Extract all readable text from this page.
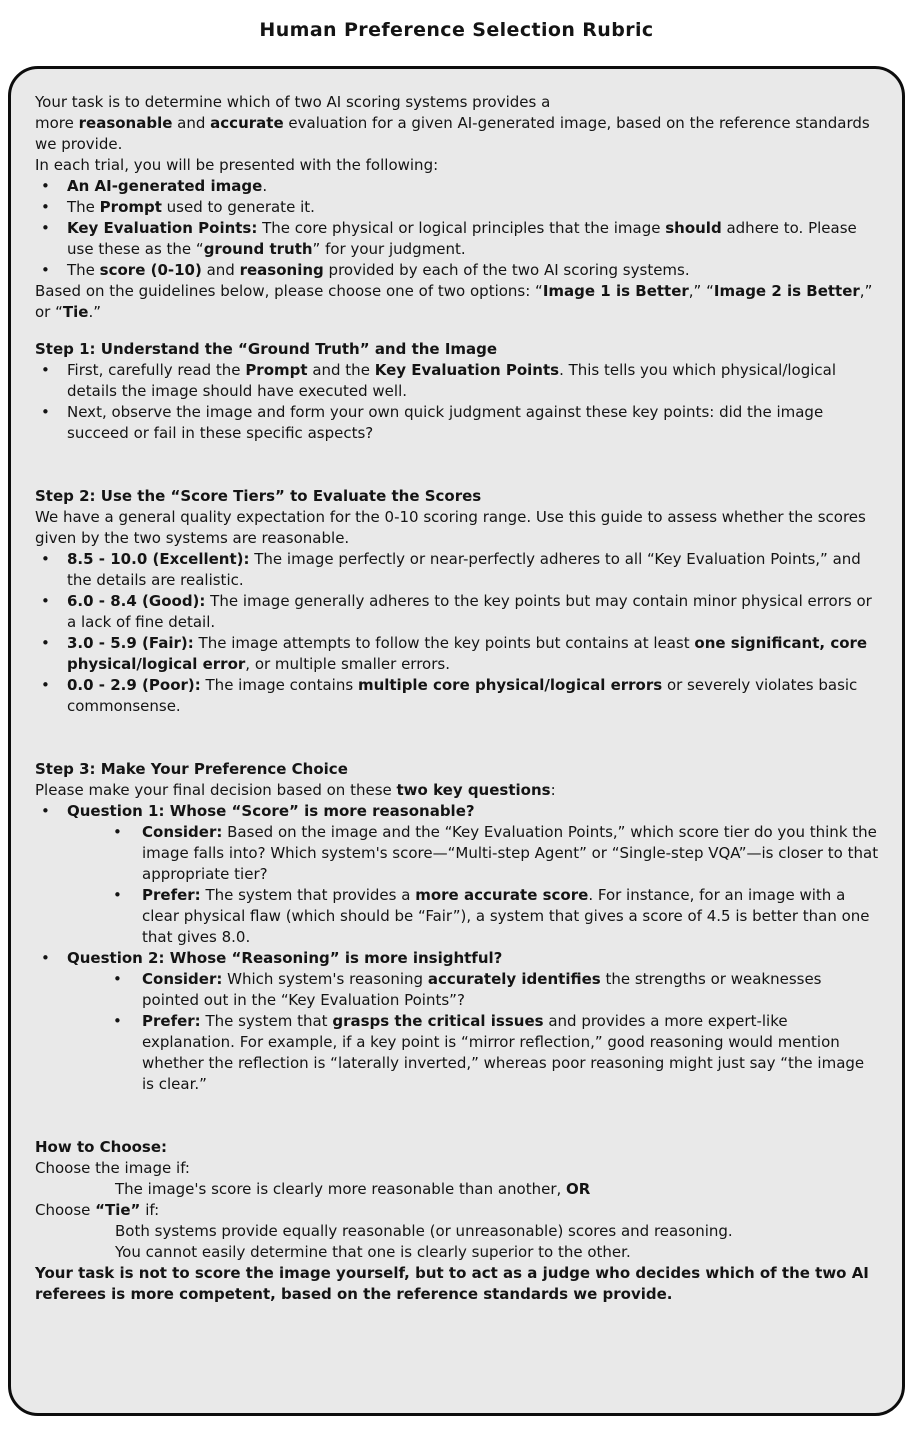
Human Preference Selection Rubric
Your task is to determine which of two AI scoring systems provides a
more reasonable and accurate evaluation for a given AI-generated image, based on the reference standards we provide.
In each trial, you will be presented with the following:
• An AI-generated image.
• The Prompt used to generate it.
• Key Evaluation Points: The core physical or logical principles that the image should adhere to. Please use these as the “ground truth” for your judgment.
• The score (0-10) and reasoning provided by each of the two AI scoring systems.
Based on the guidelines below, please choose one of two options: “Image 1 is Better,” “Image 2 is Better,” or “Tie.”
Step 1: Understand the “Ground Truth” and the Image
• First, carefully read the Prompt and the Key Evaluation Points. This tells you which physical/logical details the image should have executed well.
• Next, observe the image and form your own quick judgment against these key points: did the image succeed or fail in these specific aspects?
Step 2: Use the “Score Tiers” to Evaluate the Scores
We have a general quality expectation for the 0-10 scoring range. Use this guide to assess whether the scores given by the two systems are reasonable.
• 8.5 - 10.0 (Excellent): The image perfectly or near-perfectly adheres to all “Key Evaluation Points,” and the details are realistic.
• 6.0 - 8.4 (Good): The image generally adheres to the key points but may contain minor physical errors or a lack of fine detail.
• 3.0 - 5.9 (Fair): The image attempts to follow the key points but contains at least one significant, core physical/logical error, or multiple smaller errors.
• 0.0 - 2.9 (Poor): The image contains multiple core physical/logical errors or severely violates basic commonsense.
Step 3: Make Your Preference Choice
Please make your final decision based on these two key questions:
• Question 1: Whose “Score” is more reasonable?
• Consider: Based on the image and the “Key Evaluation Points,” which score tier do you think the image falls into? Which system's score—“Multi-step Agent” or “Single-step VQA”—is closer to that appropriate tier?
• Prefer: The system that provides a more accurate score. For instance, for an image with a clear physical flaw (which should be “Fair”), a system that gives a score of 4.5 is better than one that gives 8.0.
• Question 2: Whose “Reasoning” is more insightful?
• Consider: Which system's reasoning accurately identifies the strengths or weaknesses pointed out in the “Key Evaluation Points”?
• Prefer: The system that grasps the critical issues and provides a more expert-like explanation. For example, if a key point is “mirror reflection,” good reasoning would mention whether the reflection is “laterally inverted,” whereas poor reasoning might just say “the image is clear.”
How to Choose:
Choose the image if:
The image's score is clearly more reasonable than another, OR
Choose “Tie” if:
Both systems provide equally reasonable (or unreasonable) scores and reasoning.
You cannot easily determine that one is clearly superior to the other.
Your task is not to score the image yourself, but to act as a judge who decides which of the two AI referees is more competent, based on the reference standards we provide.
